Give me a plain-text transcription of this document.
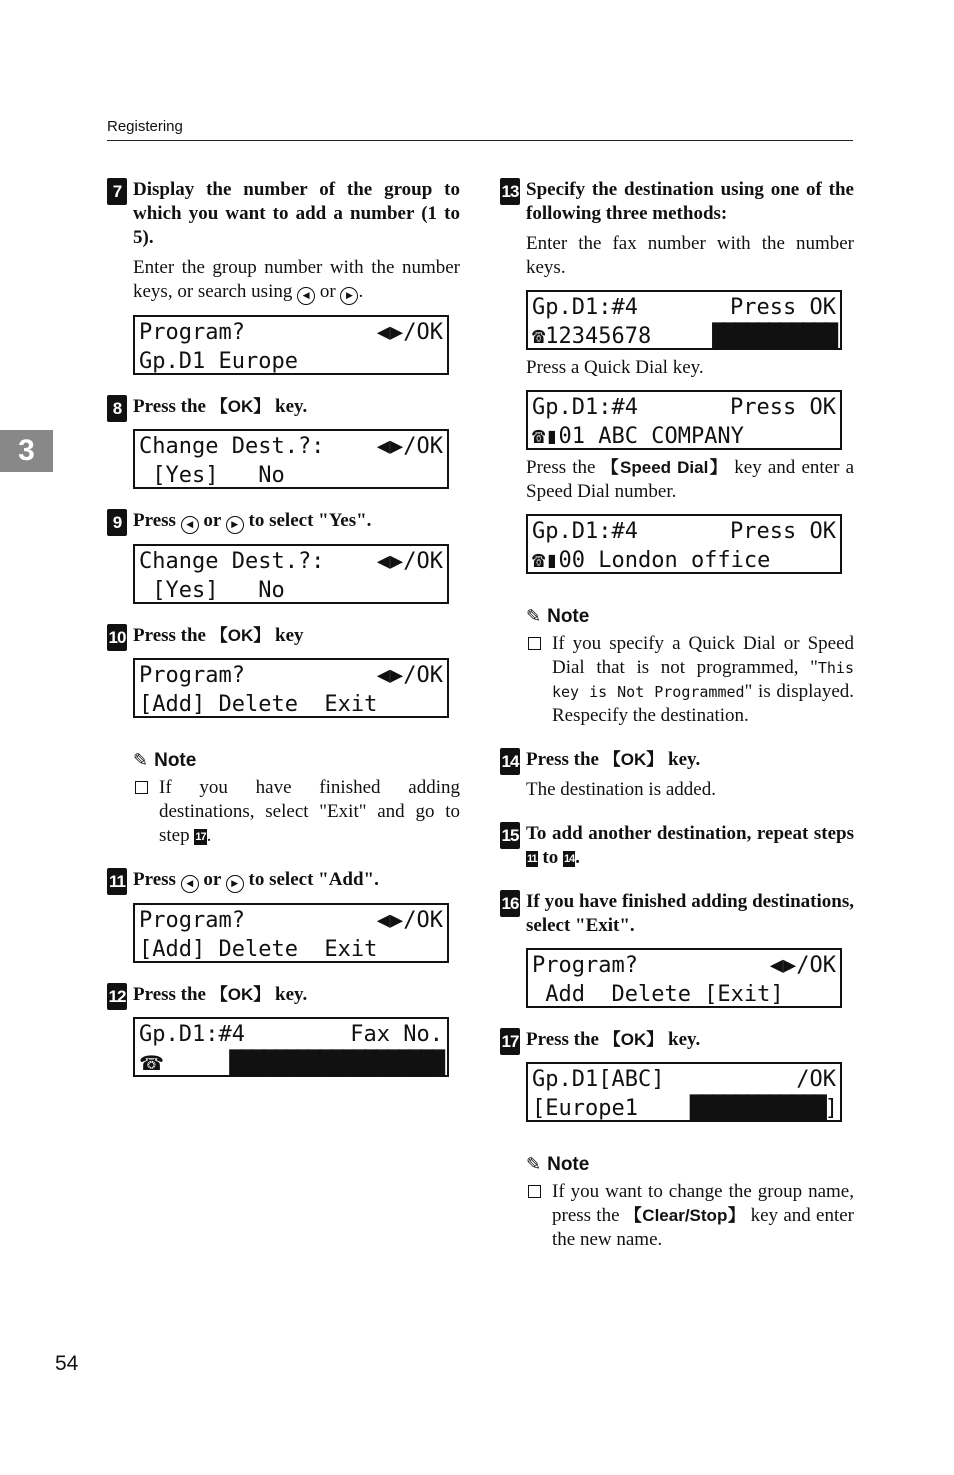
Registering
3
54
7 Display the number of the group to which you want to add a number (1 to 5).
Enter the group number with the number keys, or search using ◀ or ▶ .
Program?	◀▶/OK
Gp.D1 Europe
8 Press the 【OK】 key.
Change Dest.?: ◀▶/OK
[Yes]   No
9 Press ◀ or ▶ to select "Yes".
Change Dest.?: ◀▶/OK
[Yes]   No
10 Press the 【OK】 key
Program?	◀▶/OK
[Add] Delete  Exit
✎ Note
If you have finished adding destinations, select "Exit" and go to step 17.
11 Press ◀ or ▶ to select "Add".
Program?	◀▶/OK
[Add] Delete  Exit
12 Press the 【OK】 key.
Gp.D1:#4	Fax No.
☎	███████████████████
13 Specify the destination using one of the following three methods:
Enter the fax number with the number keys.
Gp.D1:#4	Press OK
☎12345678	███████████
Press a Quick Dial key.
Gp.D1:#4	Press OK
☎▮01 ABC COMPANY
Press the 【Speed Dial】 key and enter a Speed Dial number.
Gp.D1:#4	Press OK
☎▮00 London office
✎ Note
If you specify a Quick Dial or Speed Dial that is not programmed, "This key is Not Programmed" is displayed. Respecify the destination.
14 Press the 【OK】 key.
The destination is added.
15 To add another destination, repeat steps 11 to 14.
16 If you have finished adding destinations, select "Exit".
Program?	◀▶/OK
Add  Delete [Exit]
17 Press the 【OK】 key.
Gp.D1[ABC]	/OK
[Europe1 ████████████]
✎ Note
If you want to change the group name, press the 【Clear/Stop】 key and enter the new name.
